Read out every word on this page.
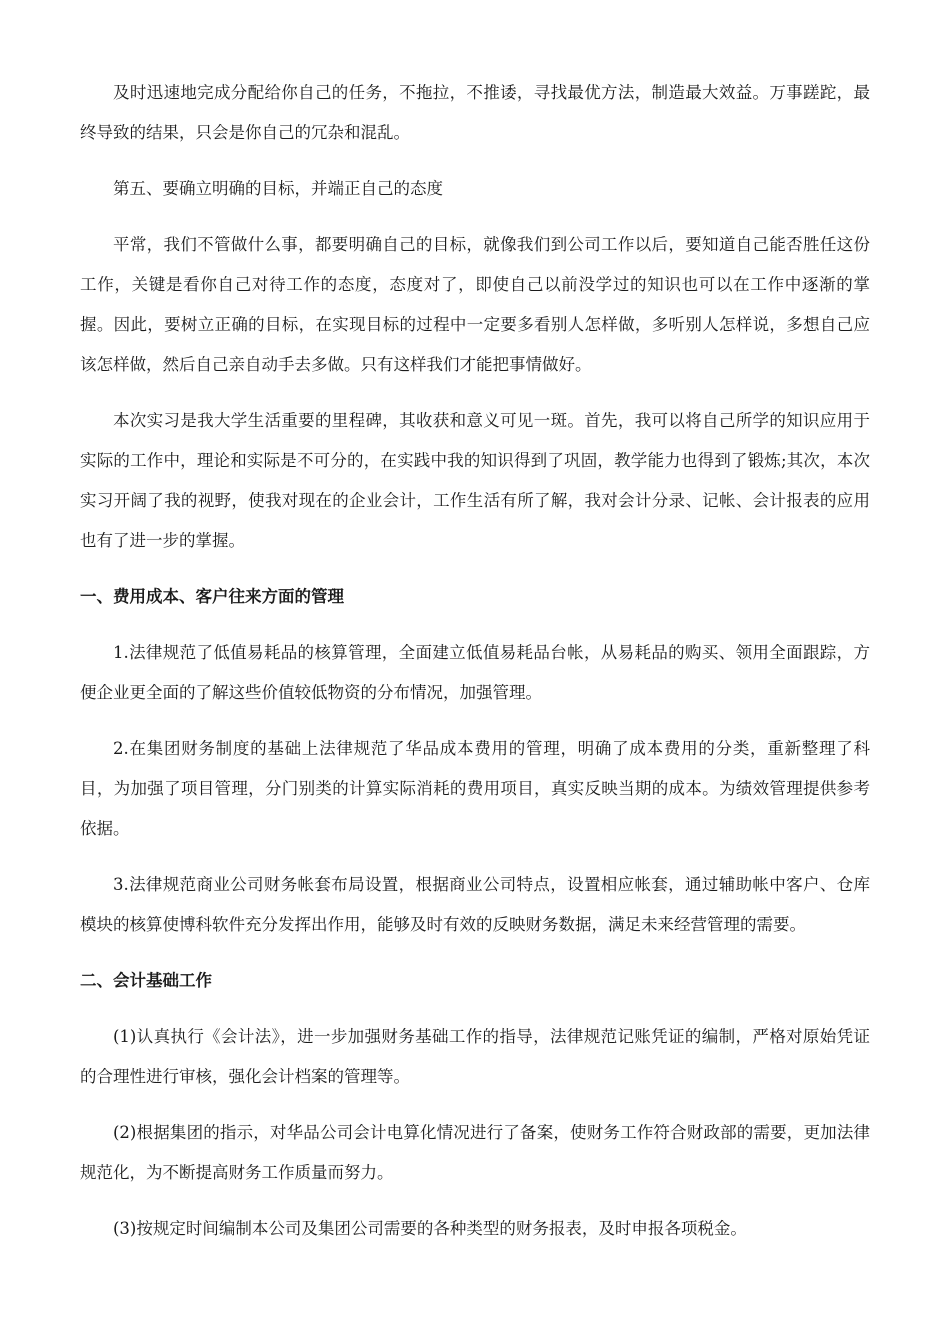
及时迅速地完成分配给你自己的任务，不拖拉，不推诿，寻找最优方法，制造最大效益。万事蹉跎，最终导致的结果，只会是你自己的冗杂和混乱。

第五、要确立明确的目标，并端正自己的态度

平常，我们不管做什么事，都要明确自己的目标，就像我们到公司工作以后，要知道自己能否胜任这份工作，关键是看你自己对待工作的态度，态度对了，即使自己以前没学过的知识也可以在工作中逐渐的掌握。因此，要树立正确的目标，在实现目标的过程中一定要多看别人怎样做，多听别人怎样说，多想自己应该怎样做，然后自己亲自动手去多做。只有这样我们才能把事情做好。

本次实习是我大学生活重要的里程碑，其收获和意义可见一斑。首先，我可以将自己所学的知识应用于实际的工作中，理论和实际是不可分的，在实践中我的知识得到了巩固，教学能力也得到了锻炼;其次，本次实习开阔了我的视野，使我对现在的企业会计，工作生活有所了解，我对会计分录、记帐、会计报表的应用也有了进一步的掌握。

一、费用成本、客户往来方面的管理

1.法律规范了低值易耗品的核算管理，全面建立低值易耗品台帐，从易耗品的购买、领用全面跟踪，方便企业更全面的了解这些价值较低物资的分布情况，加强管理。

2.在集团财务制度的基础上法律规范了华品成本费用的管理，明确了成本费用的分类，重新整理了科目，为加强了项目管理，分门别类的计算实际消耗的费用项目，真实反映当期的成本。为绩效管理提供参考依据。

3.法律规范商业公司财务帐套布局设置，根据商业公司特点，设置相应帐套，通过辅助帐中客户、仓库模块的核算使博科软件充分发挥出作用，能够及时有效的反映财务数据，满足未来经营管理的需要。

二、会计基础工作

(1)认真执行《会计法》，进一步加强财务基础工作的指导，法律规范记账凭证的编制，严格对原始凭证的合理性进行审核，强化会计档案的管理等。

(2)根据集团的指示，对华品公司会计电算化情况进行了备案，使财务工作符合财政部的需要，更加法律规范化，为不断提高财务工作质量而努力。

(3)按规定时间编制本公司及集团公司需要的各种类型的财务报表，及时申报各项税金。
